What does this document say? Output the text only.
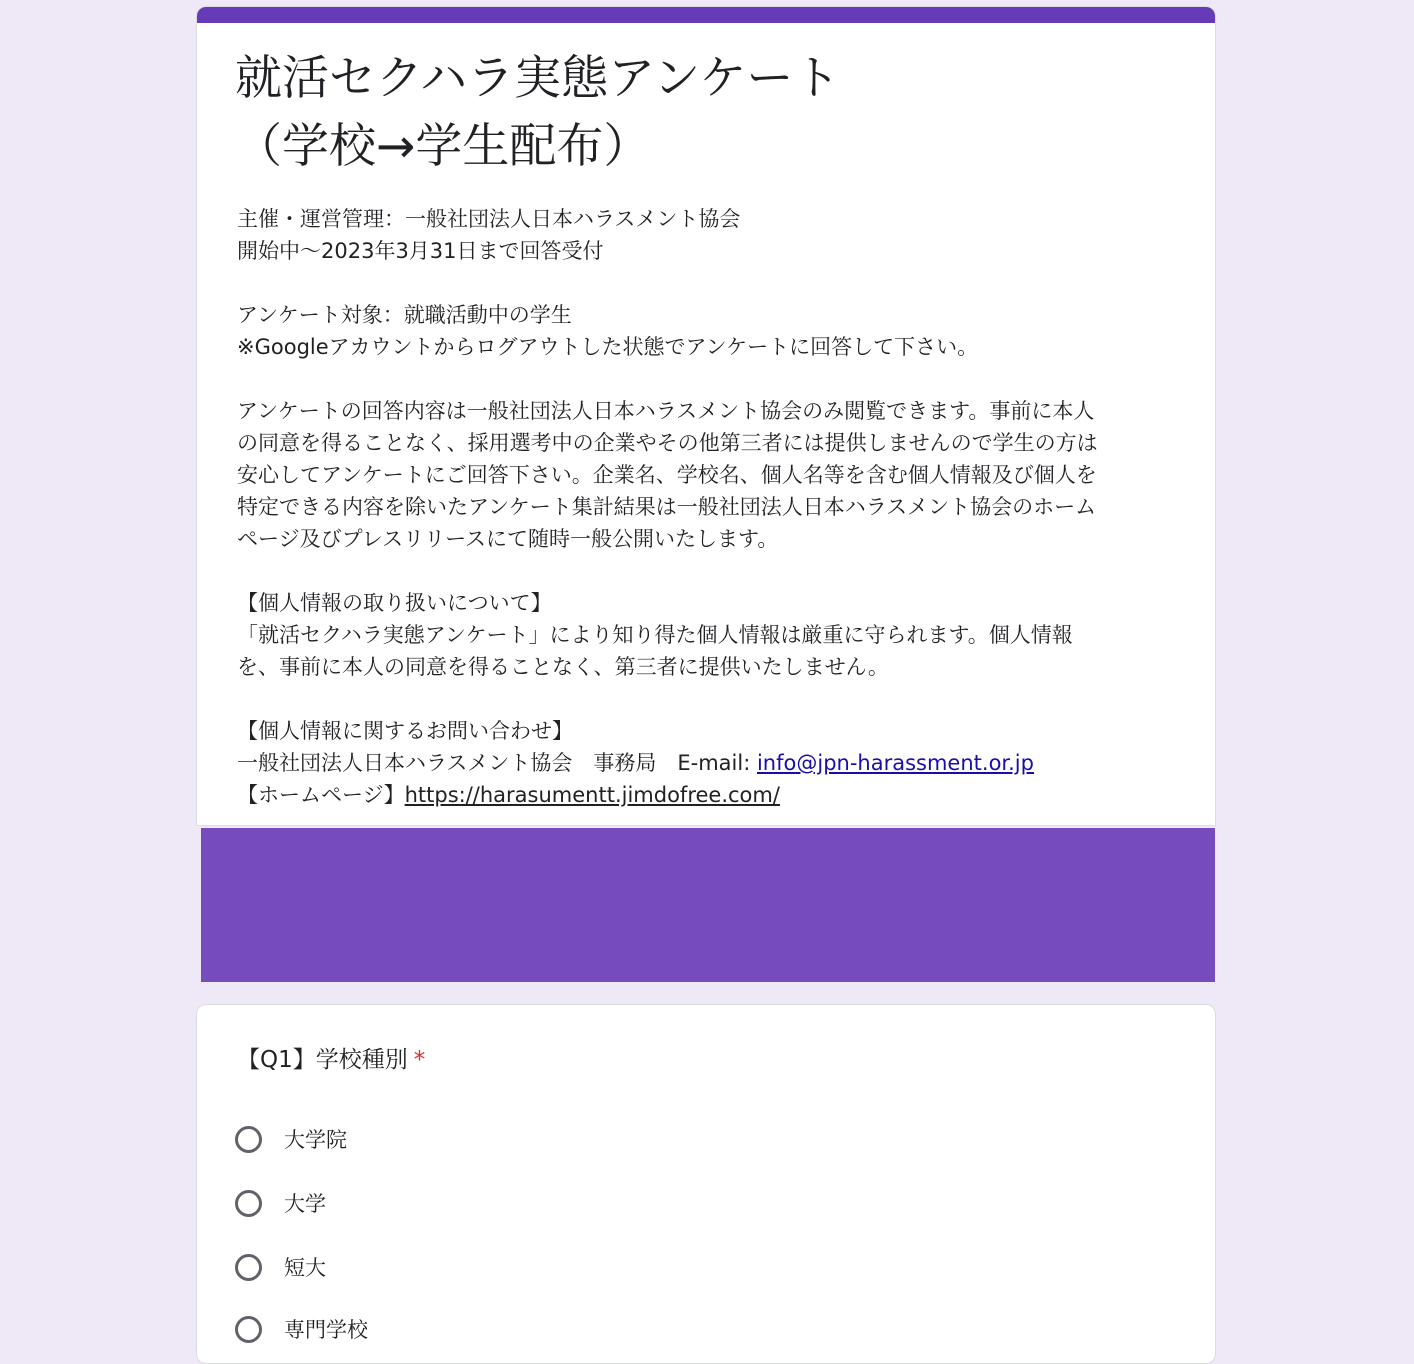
就活セクハラ実態アンケート
（学校→学生配布）
主催・運営管理：一般社団法人日本ハラスメント協会
開始中～2023年3月31日まで回答受付
アンケート対象：就職活動中の学生
※Googleアカウントからログアウトした状態でアンケートに回答して下さい。
アンケートの回答内容は一般社団法人日本ハラスメント協会のみ閲覧できます。事前に本人
の同意を得ることなく、採用選考中の企業やその他第三者には提供しませんので学生の方は
安心してアンケートにご回答下さい。企業名、学校名、個人名等を含む個人情報及び個人を
特定できる内容を除いたアンケート集計結果は一般社団法人日本ハラスメント協会のホーム
ページ及びプレスリリースにて随時一般公開いたします。
【個人情報の取り扱いについて】
「就活セクハラ実態アンケート」により知り得た個人情報は厳重に守られます。個人情報
を、事前に本人の同意を得ることなく、第三者に提供いたしません。
【個人情報に関するお問い合わせ】
一般社団法人日本ハラスメント協会　事務局　E-mail: info@jpn-harassment.or.jp
【ホームページ】https://harasumentt.jimdofree.com/
【Q1】学校種別 *
大学院
大学
短大
専門学校
